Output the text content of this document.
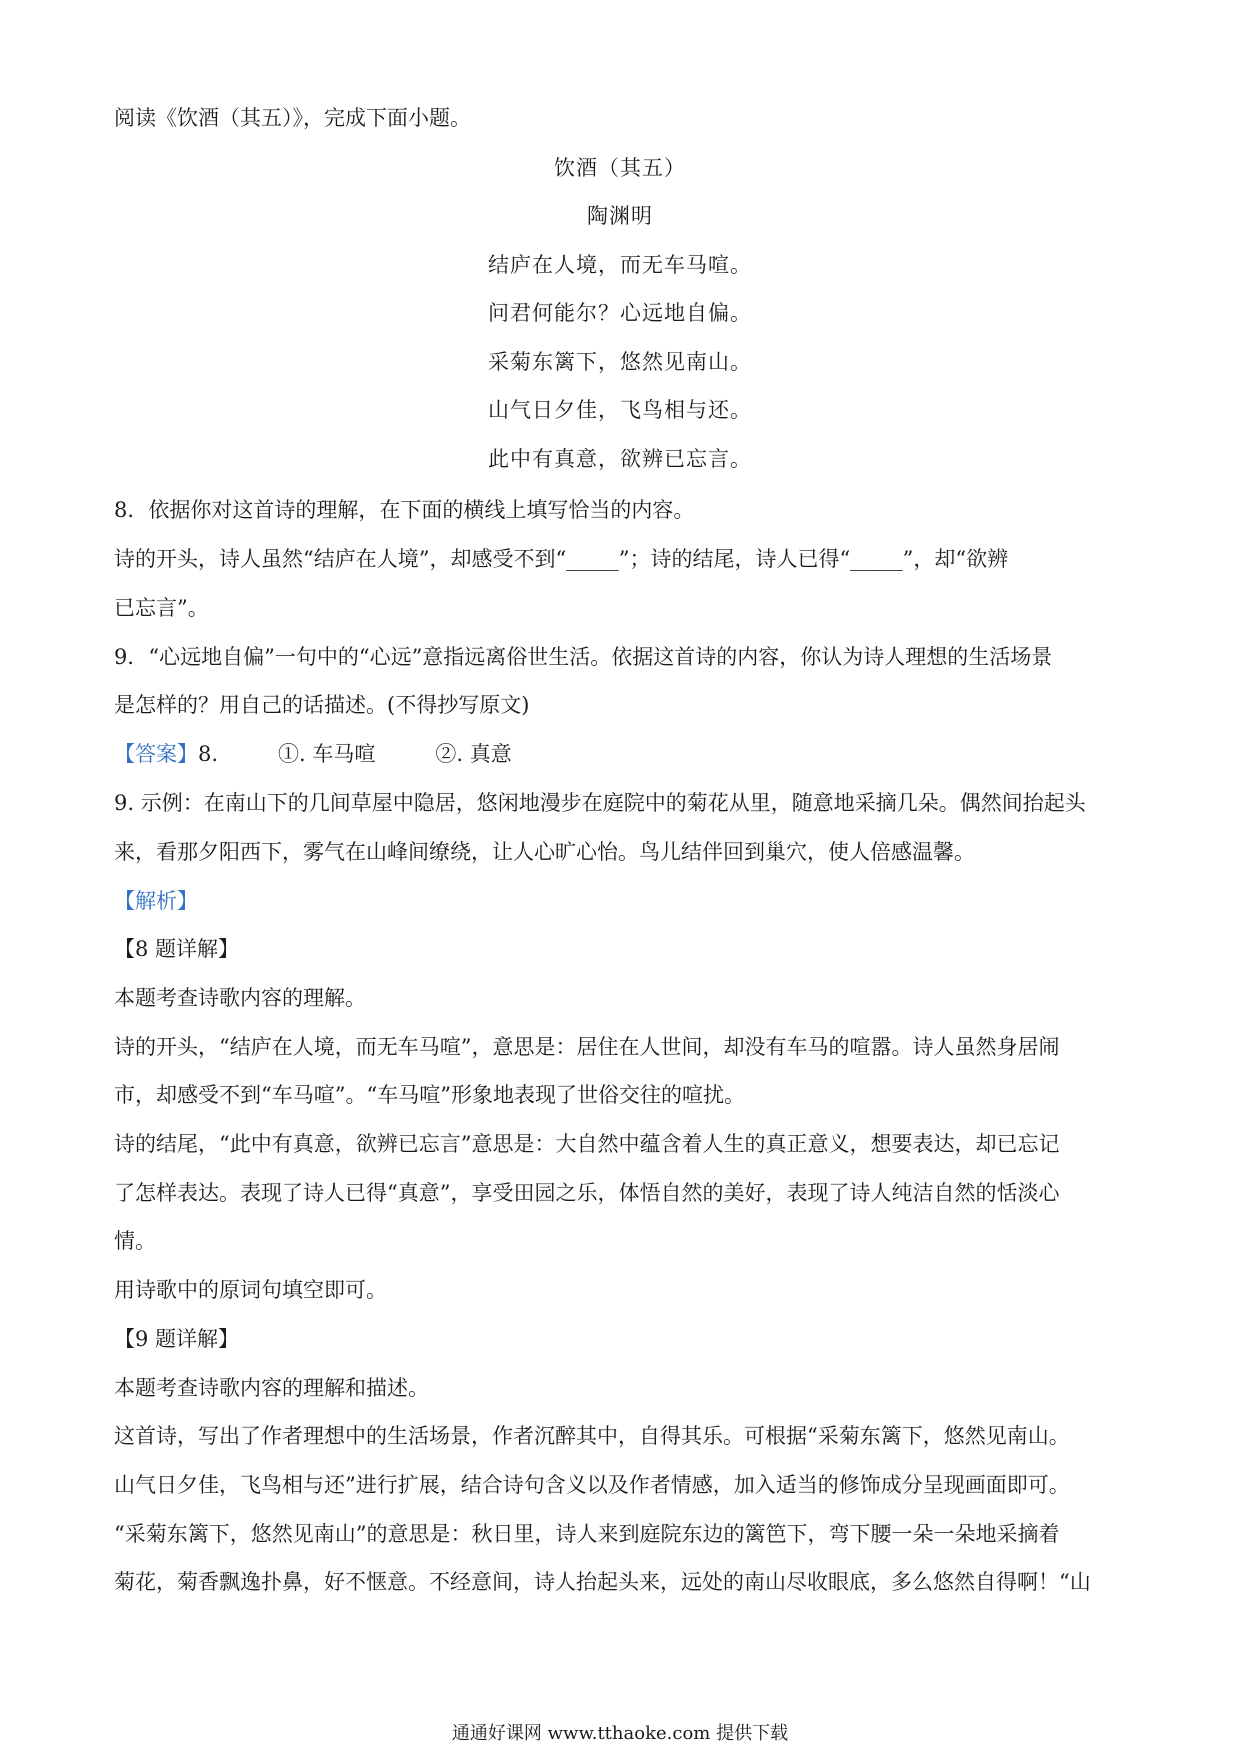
阅读《饮酒（其五）》，完成下面小题。
饮酒（其五）
陶渊明
结庐在人境，而无车马喧。
问君何能尔？心远地自偏。
采菊东篱下，悠然见南山。
山气日夕佳，飞鸟相与还。
此中有真意，欲辨已忘言。
8．依据你对这首诗的理解，在下面的横线上填写恰当的内容。
诗的开头，诗人虽然“结庐在人境”，却感受不到“_____”；诗的结尾，诗人已得“_____”，却“欲辨
已忘言”。
9．“心远地自偏”一句中的“心远”意指远离俗世生活。依据这首诗的内容，你认为诗人理想的生活场景
是怎样的？用自己的话描述。(不得抄写原文)
【答案】8.	①. 车马喧	②. 真意
9. 示例：在南山下的几间草屋中隐居，悠闲地漫步在庭院中的菊花从里，随意地采摘几朵。偶然间抬起头
来，看那夕阳西下，雾气在山峰间缭绕，让人心旷心怡。鸟儿结伴回到巢穴，使人倍感温馨。
【解析】
【8 题详解】
本题考查诗歌内容的理解。
诗的开头，“结庐在人境，而无车马喧”，意思是：居住在人世间，却没有车马的喧嚣。诗人虽然身居闹
市，却感受不到“车马喧”。“车马喧”形象地表现了世俗交往的喧扰。
诗的结尾，“此中有真意，欲辨已忘言”意思是：大自然中蕴含着人生的真正意义，想要表达，却已忘记
了怎样表达。表现了诗人已得“真意”，享受田园之乐，体悟自然的美好，表现了诗人纯洁自然的恬淡心
情。
用诗歌中的原词句填空即可。
【9 题详解】
本题考查诗歌内容的理解和描述。
这首诗，写出了作者理想中的生活场景，作者沉醉其中，自得其乐。可根据“采菊东篱下，悠然见南山。
山气日夕佳，飞鸟相与还”进行扩展，结合诗句含义以及作者情感，加入适当的修饰成分呈现画面即可。
“采菊东篱下，悠然见南山”的意思是：秋日里，诗人来到庭院东边的篱笆下，弯下腰一朵一朵地采摘着
菊花，菊香飘逸扑鼻，好不惬意。不经意间，诗人抬起头来，远处的南山尽收眼底，多么悠然自得啊！“山
通通好课网 www.tthaoke.com 提供下载
